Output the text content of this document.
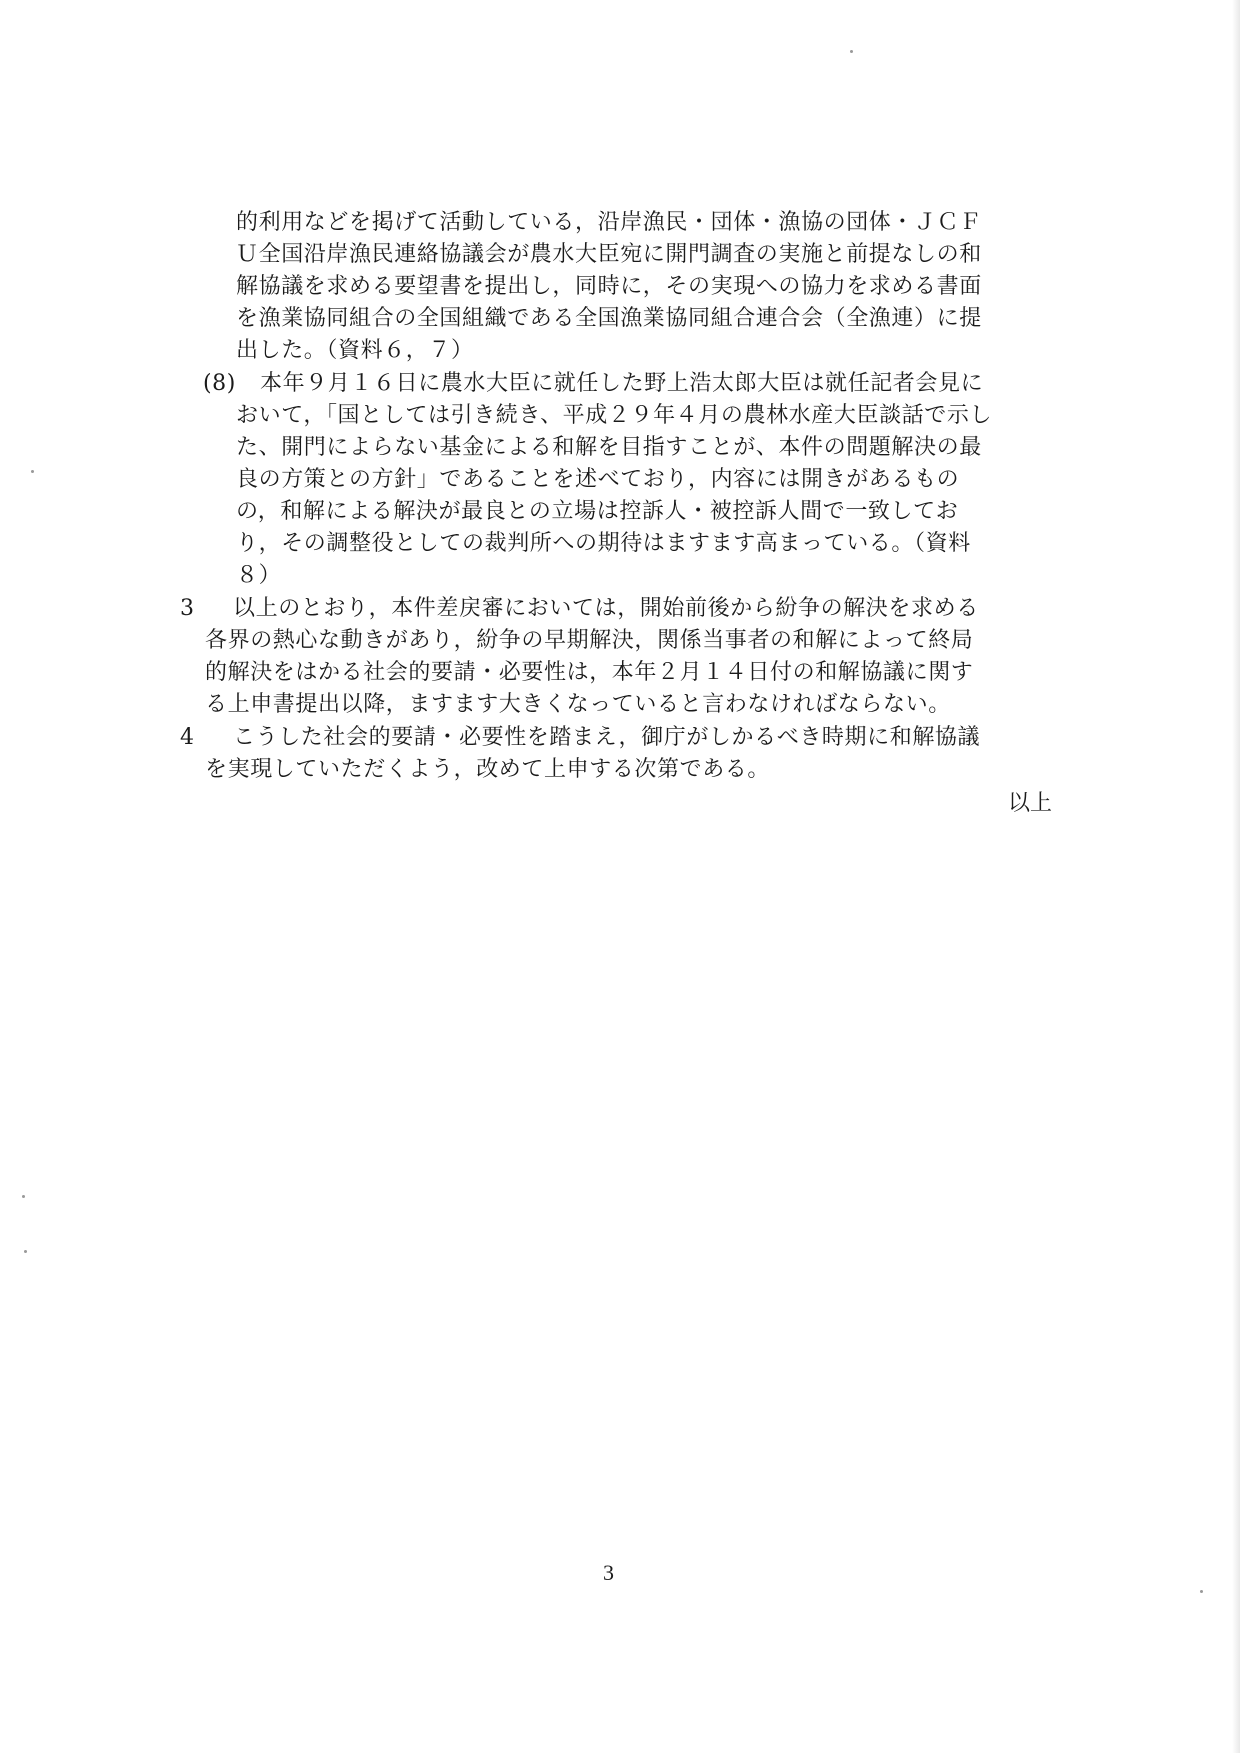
的利用などを掲げて活動している，沿岸漁民・団体・漁協の団体・ＪＣＦ
Ｕ全国沿岸漁民連絡協議会が農水大臣宛に開門調査の実施と前提なしの和
解協議を求める要望書を提出し，同時に，その実現への協力を求める書面
を漁業協同組合の全国組織である全国漁業協同組合連合会（全漁連）に提
出した。（資料６，７）
(8) 本年９月１６日に農水大臣に就任した野上浩太郎大臣は就任記者会見に
おいて，「国としては引き続き、平成２９年４月の農林水産大臣談話で示し
た、開門によらない基金による和解を目指すことが、本件の問題解決の最
良の方策との方針」であることを述べており，内容には開きがあるもの
の，和解による解決が最良との立場は控訴人・被控訴人間で一致してお
り，その調整役としての裁判所への期待はますます高まっている。（資料
８）
3 以上のとおり，本件差戻審においては，開始前後から紛争の解決を求める
各界の熱心な動きがあり，紛争の早期解決，関係当事者の和解によって終局
的解決をはかる社会的要請・必要性は，本年２月１４日付の和解協議に関す
る上申書提出以降，ますます大きくなっていると言わなければならない。
4 こうした社会的要請・必要性を踏まえ，御庁がしかるべき時期に和解協議
を実現していただくよう，改めて上申する次第である。
以上
3
